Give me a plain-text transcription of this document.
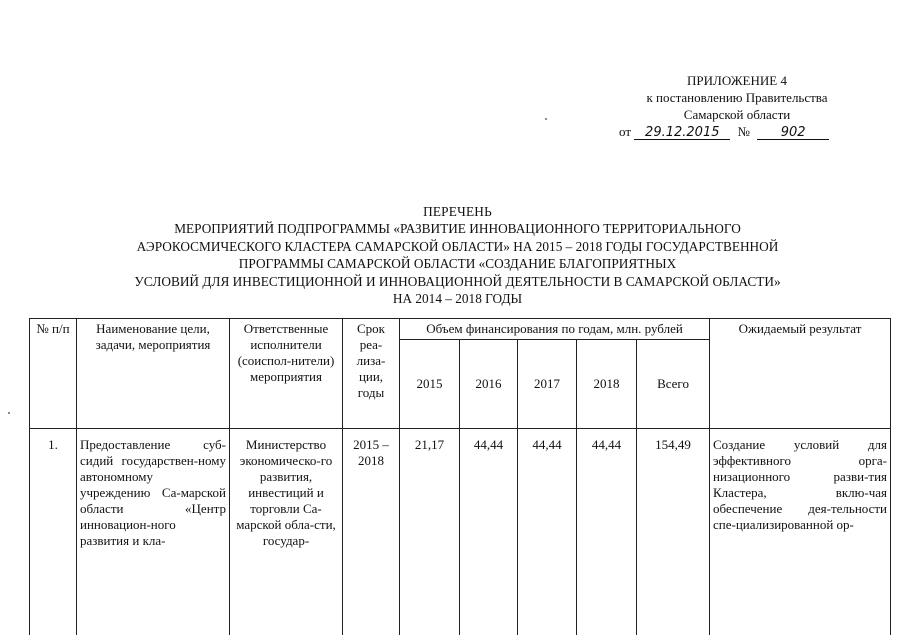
ПРИЛОЖЕНИЕ 4
к постановлению Правительства
Самарской области
от 29.12.2015 № 902
ПЕРЕЧЕНЬ
МЕРОПРИЯТИЙ ПОДПРОГРАММЫ «РАЗВИТИЕ ИННОВАЦИОННОГО ТЕРРИТОРИАЛЬНОГО
АЭРОКОСМИЧЕСКОГО КЛАСТЕРА САМАРСКОЙ ОБЛАСТИ» НА 2015 – 2018 ГОДЫ ГОСУДАРСТВЕННОЙ
ПРОГРАММЫ САМАРСКОЙ ОБЛАСТИ «СОЗДАНИЕ БЛАГОПРИЯТНЫХ
УСЛОВИЙ ДЛЯ ИНВЕСТИЦИОННОЙ И ИННОВАЦИОННОЙ ДЕЯТЕЛЬНОСТИ В САМАРСКОЙ ОБЛАСТИ»
НА 2014 – 2018 ГОДЫ
№ п/п	Наименование цели, задачи, мероприятия	Ответственные исполнители (соиспол-нители) мероприятия	Срок реа-лиза-ции, годы	Объем финансирования по годам, млн. рублей					Ожидаемый результат
				2015	2016	2017	2018	Всего	
1.	Предоставление суб-сидий государствен-ному автономному учреждению Са-марской области «Центр инновацион-ного развития и кла-	Министерство экономическо-го развития, инвестиций и торговли Са-марской обла-сти, государ-	2015 – 2018	21,17	44,44	44,44	44,44	154,49	Создание условий для эффективного орга-низационного разви-тия Кластера, вклю-чая обеспечение дея-тельности спе-циализированной ор-
